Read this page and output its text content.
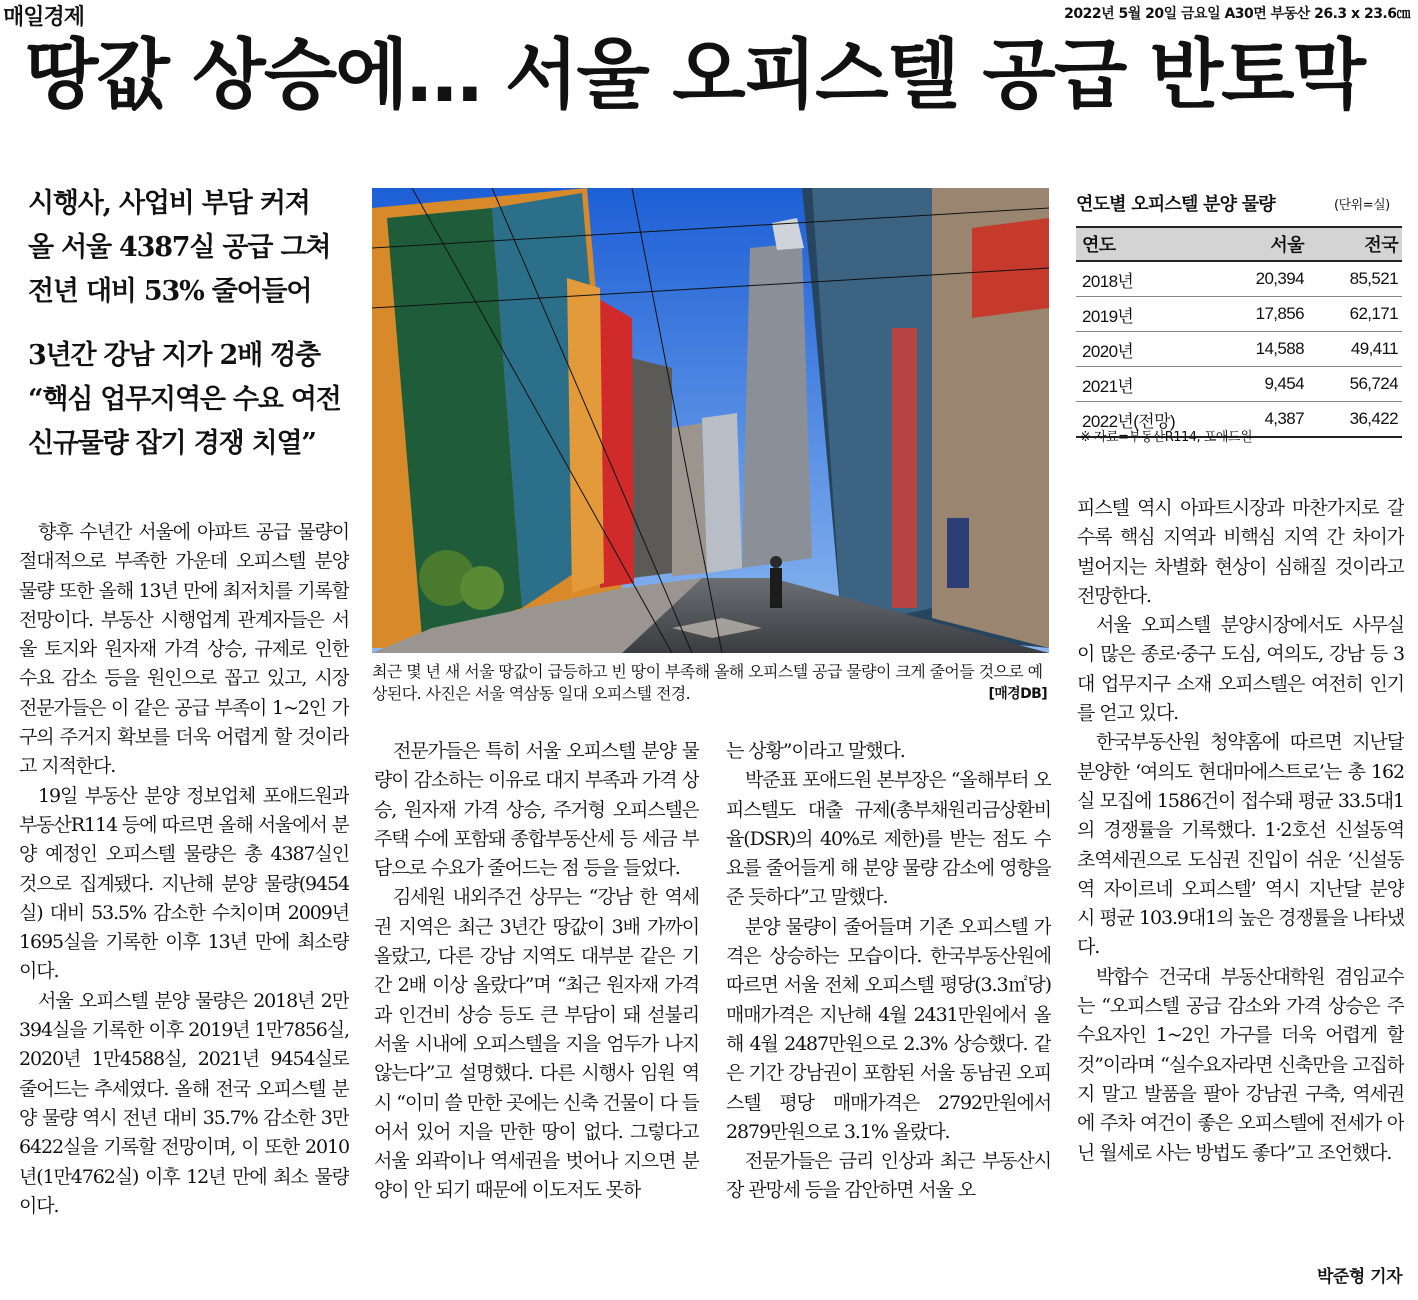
매일경제	2022년 5월 20일 금요일 A30면 부동산 26.3 x 23.6㎝
땅값 상승에… 서울 오피스텔 공급 반토막
시행사, 사업비 부담 커져
올 서울 4387실 공급 그쳐
전년 대비 53% 줄어들어
3년간 강남 지가 2배 껑충
“핵심 업무지역은 수요 여전
신규물량 잡기 경쟁 치열”
최근 몇 년 새 서울 땅값이 급등하고 빈 땅이 부족해 올해 오피스텔 공급 물량이 크게 줄어들 것으로 예상된다. 사진은 서울 역삼동 일대 오피스텔 전경.	[매경DB]
연도별 오피스텔 분양 물량	(단위=실)
연도	서울	전국
2018년	20,394	85,521
2019년	17,856	62,171
2020년	14,588	49,411
2021년	9,454	56,724
2022년(전망)	4,387	36,422
※ 자료=부동산R114, 포애드원

향후 수년간 서울에 아파트 공급 물량이 절대적으로 부족한 가운데 오피스텔 분양 물량 또한 올해 13년 만에 최저치를 기록할 전망이다. 부동산 시행업계 관계자들은 서울 토지와 원자재 가격 상승, 규제로 인한 수요 감소 등을 원인으로 꼽고 있고, 시장 전문가들은 이 같은 공급 부족이 1~2인 가구의 주거지 확보를 더욱 어렵게 할 것이라고 지적한다.

19일 부동산 분양 정보업체 포애드원과 부동산R114 등에 따르면 올해 서울에서 분양 예정인 오피스텔 물량은 총 4387실인 것으로 집계됐다. 지난해 분양 물량(9454실) 대비 53.5% 감소한 수치이며 2009년 1695실을 기록한 이후 13년 만에 최소량이다.

서울 오피스텔 분양 물량은 2018년 2만394실을 기록한 이후 2019년 1만7856실, 2020년 1만4588실, 2021년 9454실로 줄어드는 추세였다. 올해 전국 오피스텔 분양 물량 역시 전년 대비 35.7% 감소한 3만6422실을 기록할 전망이며, 이 또한 2010년(1만4762실) 이후 12년 만에 최소 물량이다.

전문가들은 특히 서울 오피스텔 분양 물량이 감소하는 이유로 대지 부족과 가격 상승, 원자재 가격 상승, 주거형 오피스텔은 주택 수에 포함돼 종합부동산세 등 세금 부담으로 수요가 줄어드는 점 등을 들었다.

김세원 내외주건 상무는 “강남 한 역세권 지역은 최근 3년간 땅값이 3배 가까이 올랐고, 다른 강남 지역도 대부분 같은 기간 2배 이상 올랐다”며 “최근 원자재 가격과 인건비 상승 등도 큰 부담이 돼 섣불리 서울 시내에 오피스텔을 지을 엄두가 나지 않는다”고 설명했다. 다른 시행사 임원 역시 “이미 쓸 만한 곳에는 신축 건물이 다 들어서 있어 지을 만한 땅이 없다. 그렇다고 서울 외곽이나 역세권을 벗어나 지으면 분양이 안 되기 때문에 이도저도 못하

는 상황”이라고 말했다.

박준표 포애드원 본부장은 “올해부터 오피스텔도 대출 규제(총부채원리금상환비율(DSR)의 40%로 제한)를 받는 점도 수요를 줄어들게 해 분양 물량 감소에 영향을 준 듯하다”고 말했다.

분양 물량이 줄어들며 기존 오피스텔 가격은 상승하는 모습이다. 한국부동산원에 따르면 서울 전체 오피스텔 평당(3.3㎡당) 매매가격은 지난해 4월 2431만원에서 올해 4월 2487만원으로 2.3% 상승했다. 같은 기간 강남권이 포함된 서울 동남권 오피스텔 평당 매매가격은 2792만원에서 2879만원으로 3.1% 올랐다.

전문가들은 금리 인상과 최근 부동산시장 관망세 등을 감안하면 서울 오

피스텔 역시 아파트시장과 마찬가지로 갈수록 핵심 지역과 비핵심 지역 간 차이가 벌어지는 차별화 현상이 심해질 것이라고 전망한다.

서울 오피스텔 분양시장에서도 사무실이 많은 종로·중구 도심, 여의도, 강남 등 3대 업무지구 소재 오피스텔은 여전히 인기를 얻고 있다.

한국부동산원 청약홈에 따르면 지난달 분양한 ‘여의도 현대마에스트로’는 총 162실 모집에 1586건이 접수돼 평균 33.5대1의 경쟁률을 기록했다. 1·2호선 신설동역 초역세권으로 도심권 진입이 쉬운 ‘신설동역 자이르네 오피스텔’ 역시 지난달 분양 시 평균 103.9대1의 높은 경쟁률을 나타냈다.

박합수 건국대 부동산대학원 겸임교수는 “오피스텔 공급 감소와 가격 상승은 주 수요자인 1~2인 가구를 더욱 어렵게 할 것”이라며 “실수요자라면 신축만을 고집하지 말고 발품을 팔아 강남권 구축, 역세권에 주차 여건이 좋은 오피스텔에 전세가 아닌 월세로 사는 방법도 좋다”고 조언했다.

박준형 기자
